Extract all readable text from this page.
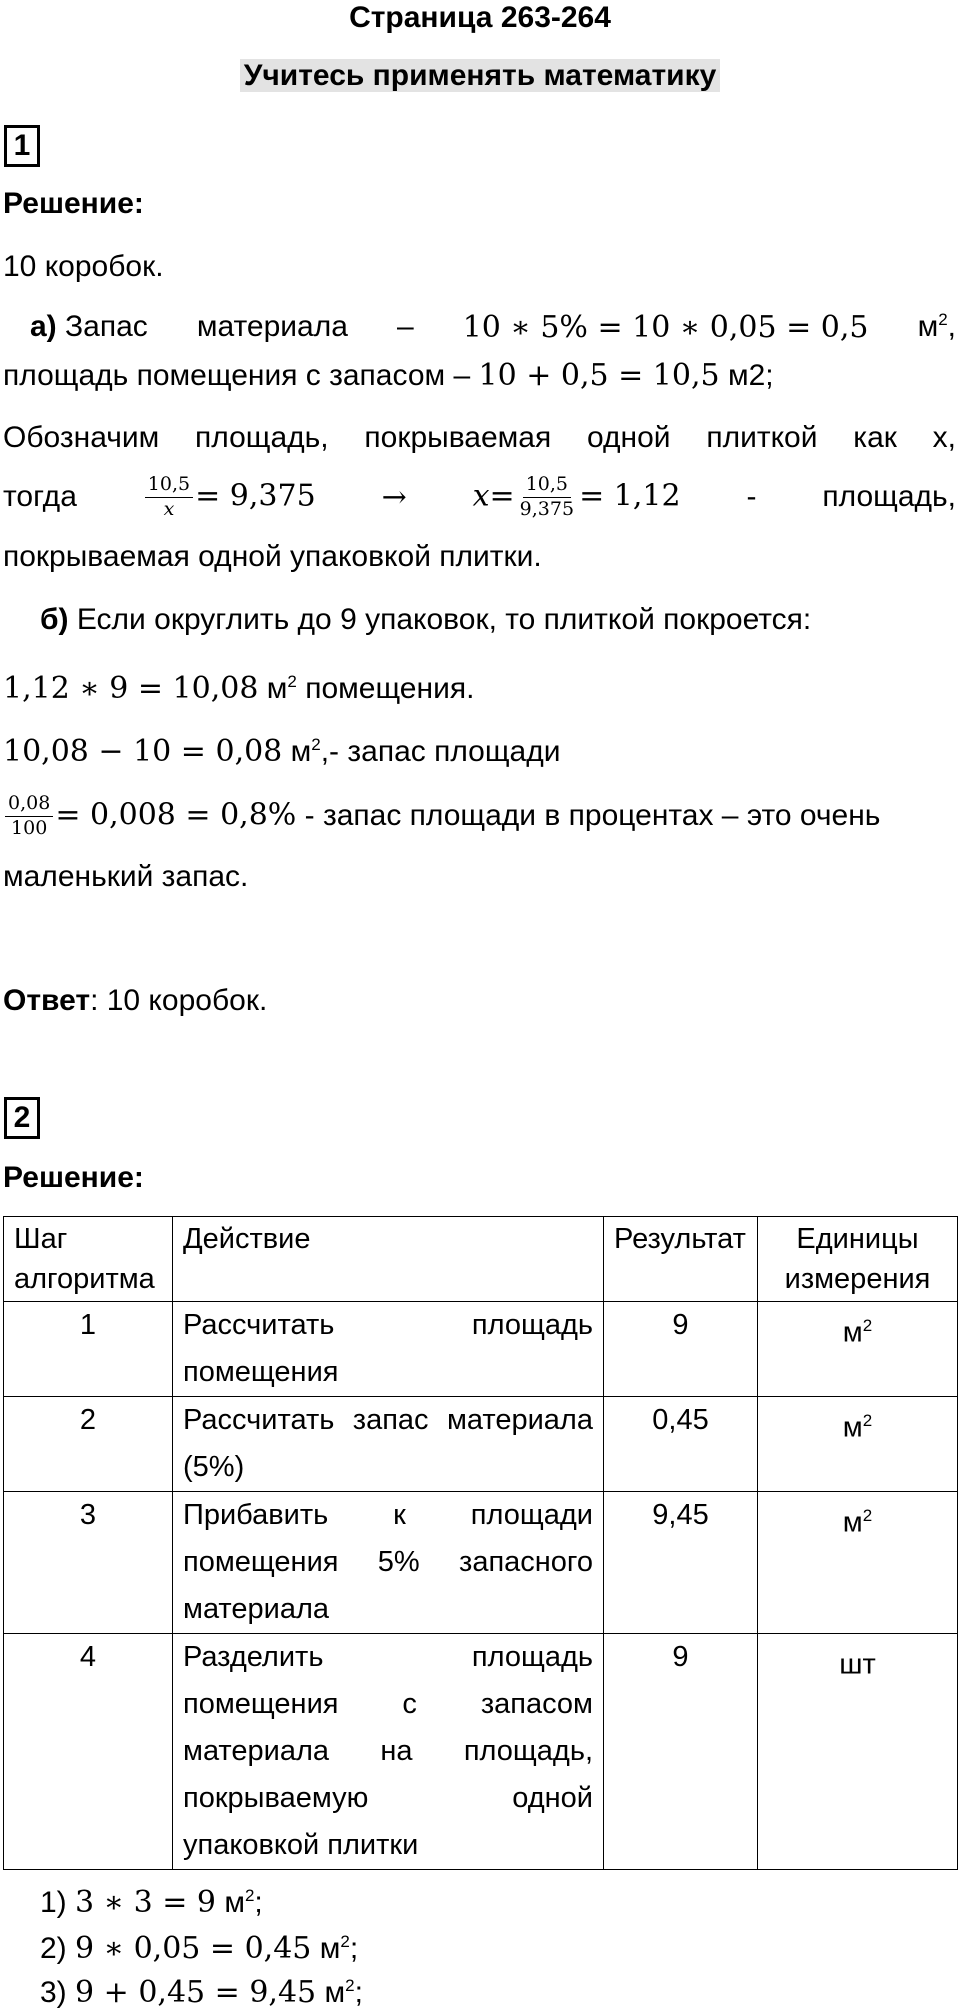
Страница 263-264
Учитесь применять математику
1
Решение:
10 коробок.
а) Запас материала – 10 ∗ 5% = 10 ∗ 0,05 = 0,5 $м^2$,
площадь помещения с запасом – 10 + 0,5 = 10,5 м2;
Обозначим площадь, покрываемая одной плиткой как х,
тогда	$\frac{10,5}{x} = 9,375 \to x= \frac{10,5}{9,375} = 1,12$ - площадь,
покрываемая одной упаковкой плитки.
б) Если округлить до 9 упаковок, то плиткой покроется:
1,12 ∗ 9 = 10,08 $м^2$ помещения.
10,08 − 10 = 0,08 $м^2,-$ запас площади
$\frac{0,08}{100} = 0,008 = 0,8\%$ - запас площади в процентах – это очень
маленький запас.
Ответ: 10 коробок.
2
Решение:
Шаг алгоритма	Действие	Результат	Единицы измерения
1	Рассчитать площадь помещения	9	$м^2$
2	Рассчитать запас материала (5%)	0,45	$м^2$
3	Прибавить к площади помещения 5% запасного материала	9,45	$м^2$
4	Разделить площадь помещения с запасом материала на площадь, покрываемую одной упаковкой плитки	9	шт
1) 3 ∗ 3 = 9 $м^2$;
2) 9 ∗ 0,05 = 0,45 $м^2$;
3) 9 + 0,45 = 9,45 $м^2$;
